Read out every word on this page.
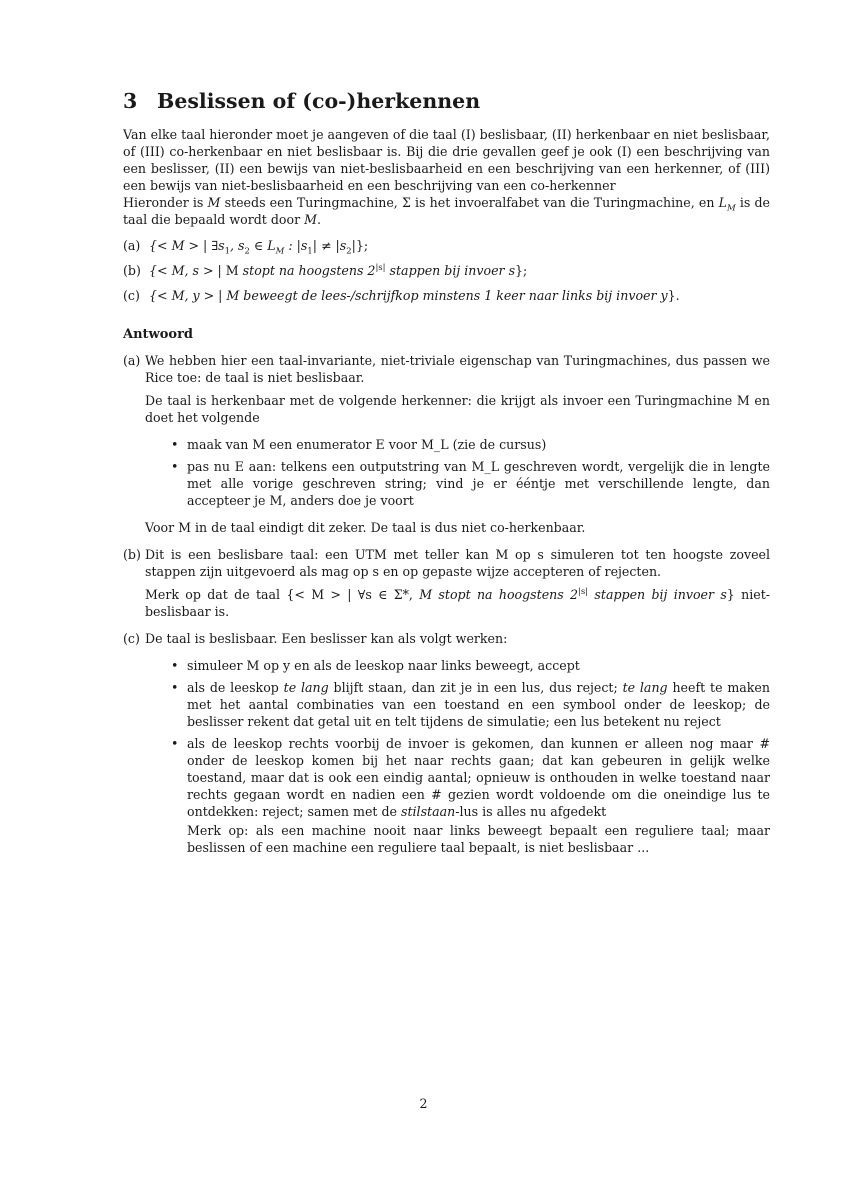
3 Beslissen of (co-)herkennen

Van elke taal hieronder moet je aangeven of die taal (I) beslisbaar, (II) herkenbaar en niet beslisbaar, of (III) co-herkenbaar en niet beslisbaar is. Bij die drie gevallen geef je ook (I) een beschrijving van een beslisser, (II) een bewijs van niet-beslisbaarheid en een beschrijving van een herkenner, of (III) een bewijs van niet-beslisbaarheid en een beschrijving van een co-herkenner

Hieronder is M steeds een Turingmachine, Σ is het invoeralfabet van die Turingmachine, en $L_M$ is de taal die bepaald wordt door M.

(a) {< M > | $\exists s_1$, $s_2$ ∈ $L_M$ : $|s_1| \ne |s_2|$};
(b) {< M, s > | M stopt na hoogstens $2^{|s|}$ stappen bij invoer s};
(c) {< M, y > | M beweegt de lees-/schrijfkop minstens 1 keer naar links bij invoer y}.
Antwoord
(a) We hebben hier een taal-invariante, niet-triviale eigenschap van Turingmachines, dus passen we Rice toe: de taal is niet beslisbaar.

De taal is herkenbaar met de volgende herkenner: die krijgt als invoer een Turingmachine M en doet het volgende

• maak van M een enumerator E voor M_L (zie de cursus)
• pas nu E aan: telkens een outputstring van M_L geschreven wordt, vergelijk die in lengte met alle vorige geschreven string; vind je er ééntje met verschillende lengte, dan accepteer je M, anders doe je voort

Voor M in de taal eindigt dit zeker. De taal is dus niet co-herkenbaar.

(b) Dit is een beslisbare taal: een UTM met teller kan M op s simuleren tot ten hoogste zoveel stappen zijn uitgevoerd als mag op s en op gepaste wijze accepteren of rejecten.

Merk op dat de taal {< M > | ∀s ∈ Σ*, M stopt na hoogstens $2^{|s|}$ stappen bij invoer s} niet-beslisbaar is.

(c) De taal is beslisbaar. Een beslisser kan als volgt werken:

• simuleer M op y en als de leeskop naar links beweegt, accept
• als de leeskop te lang blijft staan, dan zit je in een lus, dus reject; te lang heeft te maken met het aantal combinaties van een toestand en een symbool onder de leeskop; de beslisser rekent dat getal uit en telt tijdens de simulatie; een lus betekent nu reject
• als de leeskop rechts voorbij de invoer is gekomen, dan kunnen er alleen nog maar # onder de leeskop komen bij het naar rechts gaan; dat kan gebeuren in gelijk welke toestand, maar dat is ook een eindig aantal; opnieuw is onthouden in welke toestand naar rechts gegaan wordt en nadien een # gezien wordt voldoende om die oneindige lus te ontdekken: reject; samen met de stilstaan-lus is alles nu afgedekt

Merk op: als een machine nooit naar links beweegt bepaalt een reguliere taal; maar beslissen of een machine een reguliere taal bepaalt, is niet beslisbaar ...

2
